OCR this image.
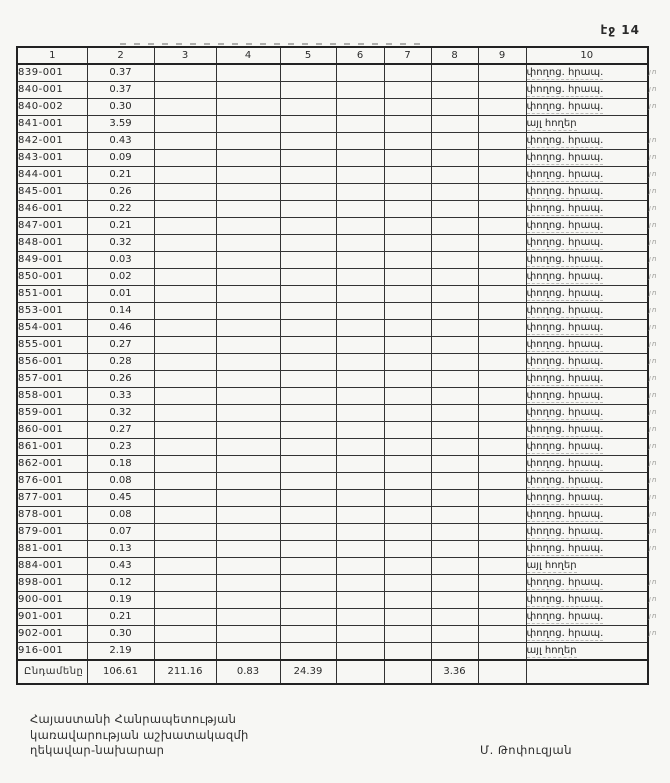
էջ 14
1	2	3	4	5	6	7	8	9	10
839-001	0.37								փողոց. հրապ.
840-001	0.37								փողոց. հրապ.
840-002	0.30								փողոց. հրապ.
841-001	3.59								այլ հողեր
842-001	0.43								փողոց. հրապ.
843-001	0.09								փողոց. հրապ.
844-001	0.21								փողոց. հրապ.
845-001	0.26								փողոց. հրապ.
846-001	0.22								փողոց. հրապ.
847-001	0.21								փողոց. հրապ.
848-001	0.32								փողոց. հրապ.
849-001	0.03								փողոց. հրապ.
850-001	0.02								փողոց. հրապ.
851-001	0.01								փողոց. հրապ.
853-001	0.14								փողոց. հրապ.
854-001	0.46								փողոց. հրապ.
855-001	0.27								փողոց. հրապ.
856-001	0.28								փողոց. հրապ.
857-001	0.26								փողոց. հրապ.
858-001	0.33								փողոց. հրապ.
859-001	0.32								փողոց. հրապ.
860-001	0.27								փողոց. հրապ.
861-001	0.23								փողոց. հրապ.
862-001	0.18								փողոց. հրապ.
876-001	0.08								փողոց. հրապ.
877-001	0.45								փողոց. հրապ.
878-001	0.08								փողոց. հրապ.
879-001	0.07								փողոց. հրապ.
881-001	0.13								փողոց. հրապ.
884-001	0.43								այլ հողեր
898-001	0.12								փողոց. հրապ.
900-001	0.19								փողոց. հրապ.
901-001	0.21								փողոց. հրապ.
902-001	0.30								փողոց. հրապ.
916-001	2.19								այլ հողեր
Ընդամենը	106.61	211.16	0.83	24.39			3.36		
յո
յո
յո
յո
յո
յո
յո
յո
յո
յո
յո
յո
յո
յո
յո
յո
յո
յո
յո
յո
յո
յո
յո
յո
յո
յո
յո
յո
յո
յո
յո
յո
Հայաստանի Հանրապետության
կառավարության աշխատակազմի
ղեկավար-նախարար	Մ. Թոփուզյան
